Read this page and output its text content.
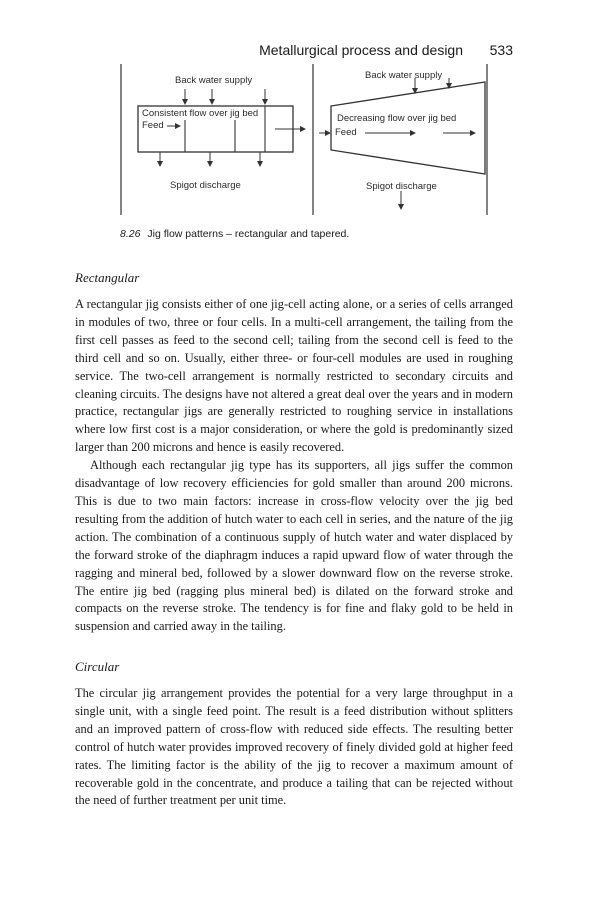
Metallurgical process and design 533
Back water supply
Consistent flow over jig bed
Feed
Spigot discharge
Back water supply
Decreasing flow over jig bed
Feed
Spigot discharge
8.26 Jig flow patterns – rectangular and tapered.
Rectangular

A rectangular jig consists either of one jig-cell acting alone, or a series of cells arranged in modules of two, three or four cells. In a multi-cell arrangement, the tailing from the first cell passes as feed to the second cell; tailing from the second cell is feed to the third cell and so on. Usually, either three- or four-cell modules are used in roughing service. The two-cell arrangement is normally restricted to secondary circuits and cleaning circuits. The designs have not altered a great deal over the years and in modern practice, rectangular jigs are generally restricted to roughing service in installations where low first cost is a major consideration, or where the gold is predominantly sized larger than 200 microns and hence is easily recovered.

Although each rectangular jig type has its supporters, all jigs suffer the common disadvantage of low recovery efficiencies for gold smaller than around 200 microns. This is due to two main factors: increase in cross-flow velocity over the jig bed resulting from the addition of hutch water to each cell in series, and the nature of the jig action. The combination of a continuous supply of hutch water and water displaced by the forward stroke of the diaphragm induces a rapid upward flow of water through the ragging and mineral bed, followed by a slower downward flow on the reverse stroke. The entire jig bed (ragging plus mineral bed) is dilated on the forward stroke and compacts on the reverse stroke. The tendency is for fine and flaky gold to be held in suspension and carried away in the tailing.

Circular

The circular jig arrangement provides the potential for a very large throughput in a single unit, with a single feed point. The result is a feed distribution without splitters and an improved pattern of cross-flow with reduced side effects. The resulting better control of hutch water provides improved recovery of finely divided gold at higher feed rates. The limiting factor is the ability of the jig to recover a maximum amount of recoverable gold in the concentrate, and produce a tailing that can be rejected without the need of further treatment per unit time.
